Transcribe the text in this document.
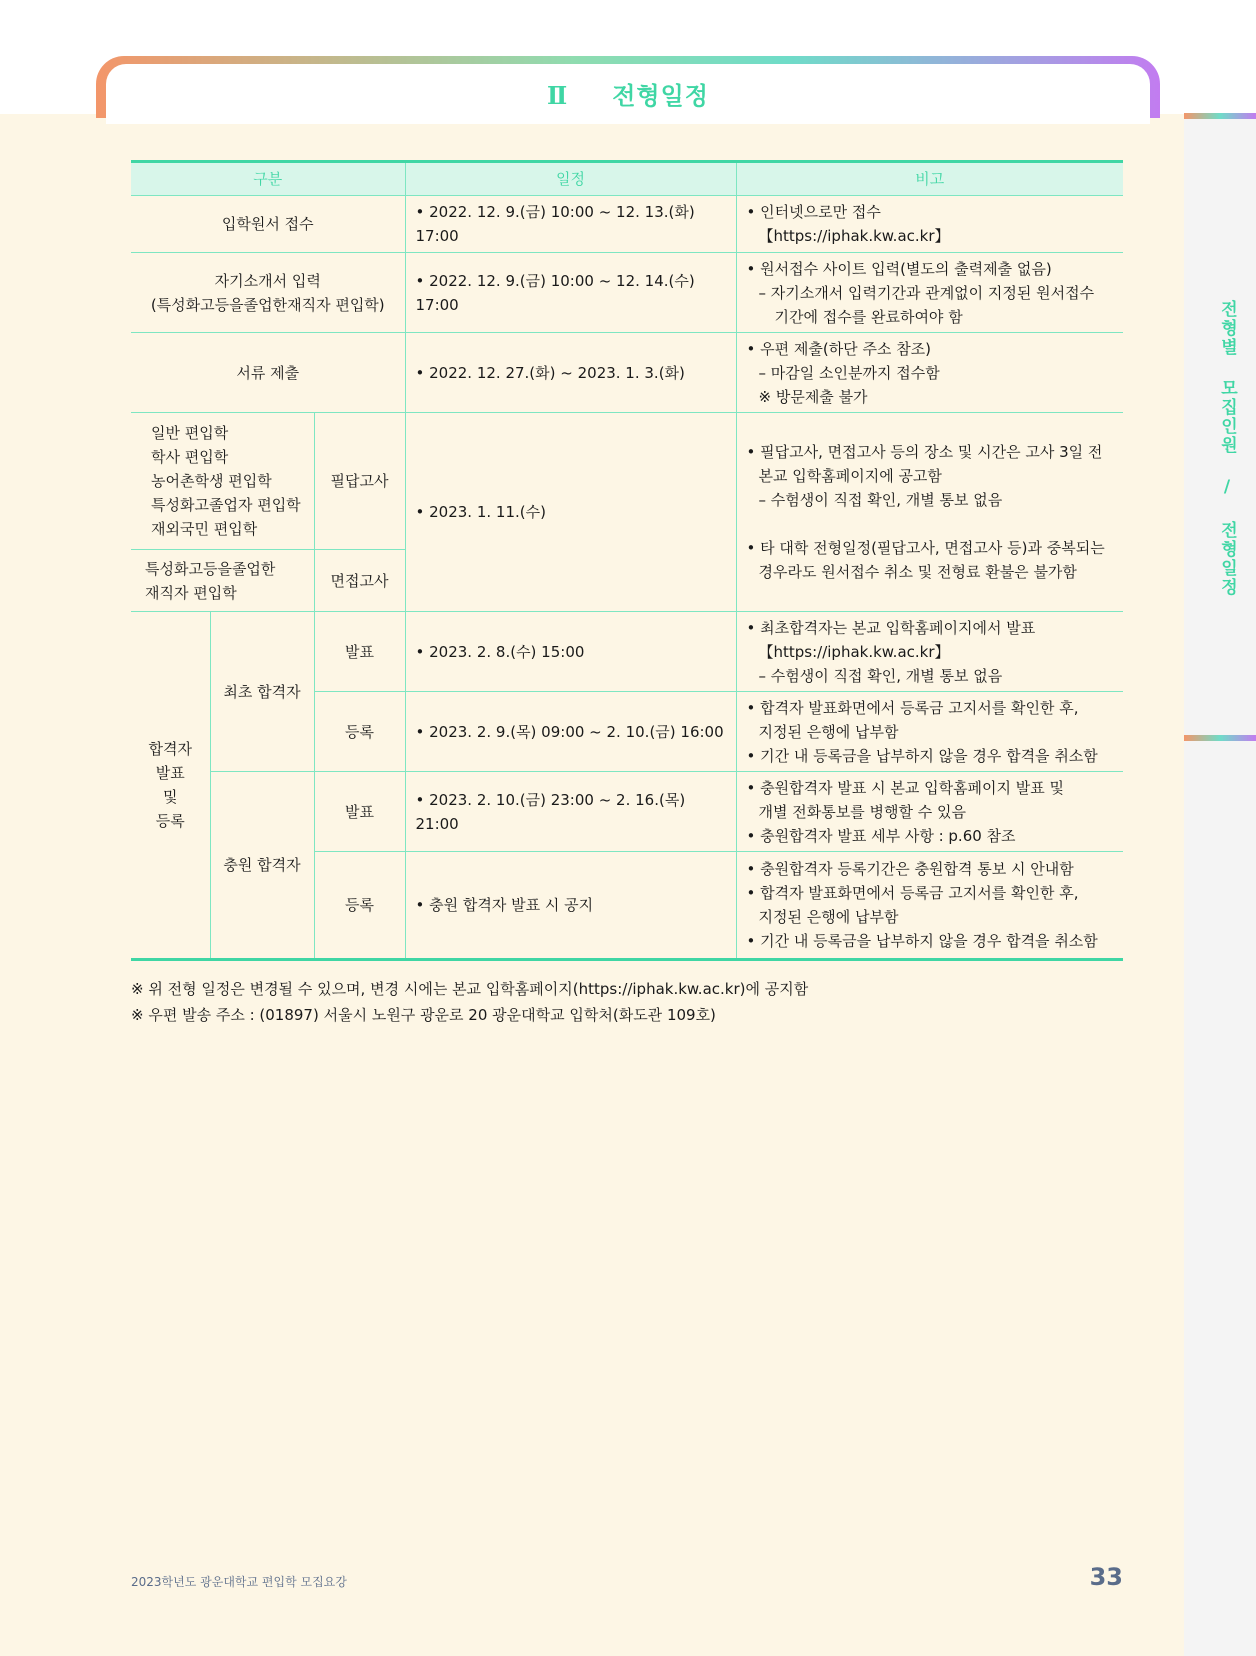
Ⅱ 전형일정
전형별 모집인원 / 전형일정
구분			일정	비고
입학원서 접수			• 2022. 12. 9.(금) 10:00 ~ 12. 13.(화) 17:00	• 인터넷으로만 접수
【https://iphak.kw.ac.kr】

자기소개서 입력
(특성화고등을졸업한재직자 편입학)			• 2022. 12. 9.(금) 10:00 ~ 12. 14.(수) 17:00	• 원서접수 사이트 입력(별도의 출력제출 없음)
– 자기소개서 입력기간과 관계없이 지정된 원서접수
기간에 접수를 완료하여야 함

서류 제출			• 2022. 12. 27.(화) ~ 2023. 1. 3.(화)	• 우편 제출(하단 주소 참조)
– 마감일 소인분까지 접수함
※ 방문제출 불가

일반 편입학
학사 편입학
농어촌학생 편입학
특성화고졸업자 편입학
재외국민 편입학		필답고사	• 2023. 1. 11.(수)	• 필답고사, 면접고사 등의 장소 및 시간은 고사 3일 전
본교 입학홈페이지에 공고함
– 수험생이 직접 확인, 개별 통보 없음
• 타 대학 전형일정(필답고사, 면접고사 등)과 중복되는
경우라도 원서접수 취소 및 전형료 환불은 불가함

특성화고등을졸업한
재직자 편입학		면접고사		

합격자
발표
및
등록	최초 합격자	발표	• 2023. 2. 8.(수) 15:00	• 최초합격자는 본교 입학홈페이지에서 발표
【https://iphak.kw.ac.kr】
– 수험생이 직접 확인, 개별 통보 없음

		등록	• 2023. 2. 9.(목) 09:00 ~ 2. 10.(금) 16:00	• 합격자 발표화면에서 등록금 고지서를 확인한 후,
지정된 은행에 납부함
• 기간 내 등록금을 납부하지 않을 경우 합격을 취소함

	충원 합격자	발표	• 2023. 2. 10.(금) 23:00 ~ 2. 16.(목) 21:00	• 충원합격자 발표 시 본교 입학홈페이지 발표 및
개별 전화통보를 병행할 수 있음
• 충원합격자 발표 세부 사항 : p.60 참조

		등록	• 충원 합격자 발표 시 공지	• 충원합격자 등록기간은 충원합격 통보 시 안내함
• 합격자 발표화면에서 등록금 고지서를 확인한 후,
지정된 은행에 납부함
• 기간 내 등록금을 납부하지 않을 경우 합격을 취소함
※ 위 전형 일정은 변경될 수 있으며, 변경 시에는 본교 입학홈페이지(https://iphak.kw.ac.kr)에 공지함
※ 우편 발송 주소 : (01897) 서울시 노원구 광운로 20 광운대학교 입학처(화도관 109호)
2023학년도 광운대학교 편입학 모집요강	33
